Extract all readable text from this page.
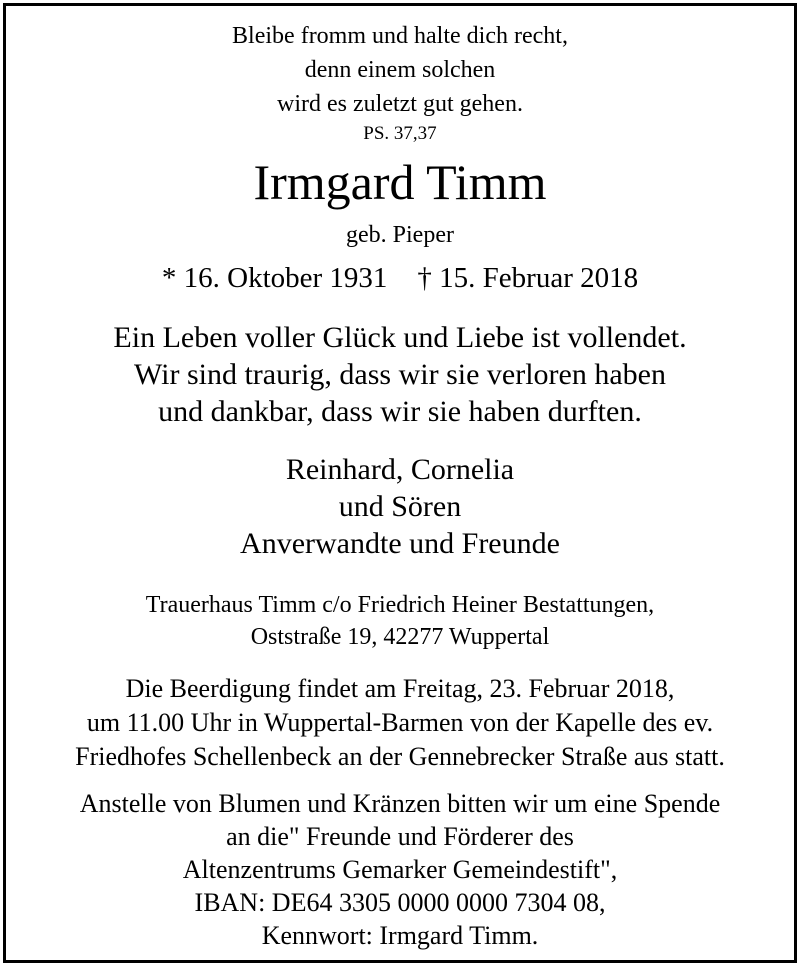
Bleibe fromm und halte dich recht,
denn einem solchen
wird es zuletzt gut gehen.
PS. 37,37
Irmgard Timm
geb. Pieper
* 16. Oktober 1931 † 15. Februar 2018
Ein Leben voller Glück und Liebe ist vollendet.
Wir sind traurig, dass wir sie verloren haben
und dankbar, dass wir sie haben durften.
Reinhard, Cornelia
und Sören
Anverwandte und Freunde
Trauerhaus Timm c/o Friedrich Heiner Bestattungen,
Oststraße 19, 42277 Wuppertal
Die Beerdigung findet am Freitag, 23. Februar 2018,
um 11.00 Uhr in Wuppertal-Barmen von der Kapelle des ev.
Friedhofes Schellenbeck an der Gennebrecker Straße aus statt.
Anstelle von Blumen und Kränzen bitten wir um eine Spende
an die" Freunde und Förderer des
Altenzentrums Gemarker Gemeindestift",
IBAN: DE64 3305 0000 0000 7304 08,
Kennwort: Irmgard Timm.
